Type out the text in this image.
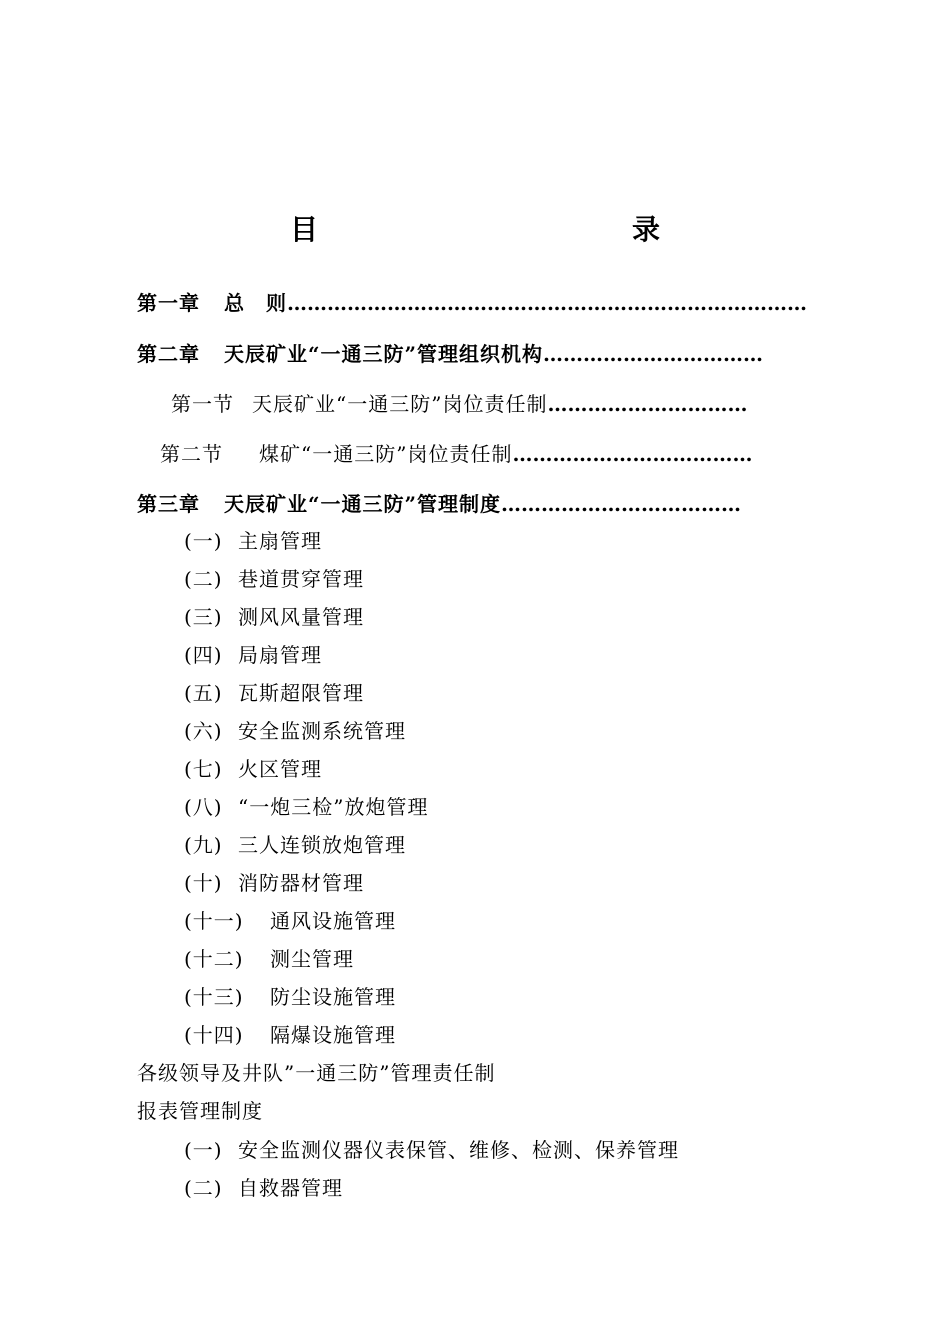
目　　录
第一章 总　则……………………………………………………………………
第二章 天辰矿业“一通三防”管理组织机构……………………………
第一节 天辰矿业“一通三防”岗位责任制…………………………
第二节 煤矿“一通三防”岗位责任制………………………………
第三章 天辰矿业“一通三防”管理制度………………………………
(一) 主扇管理
(二) 巷道贯穿管理
(三) 测风风量管理
(四) 局扇管理
(五) 瓦斯超限管理
(六) 安全监测系统管理
(七) 火区管理
(八) “一炮三检”放炮管理
(九) 三人连锁放炮管理
(十) 消防器材管理
(十一) 通风设施管理
(十二) 测尘管理
(十三) 防尘设施管理
(十四) 隔爆设施管理
各级领导及井队”一通三防”管理责任制
报表管理制度
(一) 安全监测仪器仪表保管、维修、检测、保养管理
(二) 自救器管理
